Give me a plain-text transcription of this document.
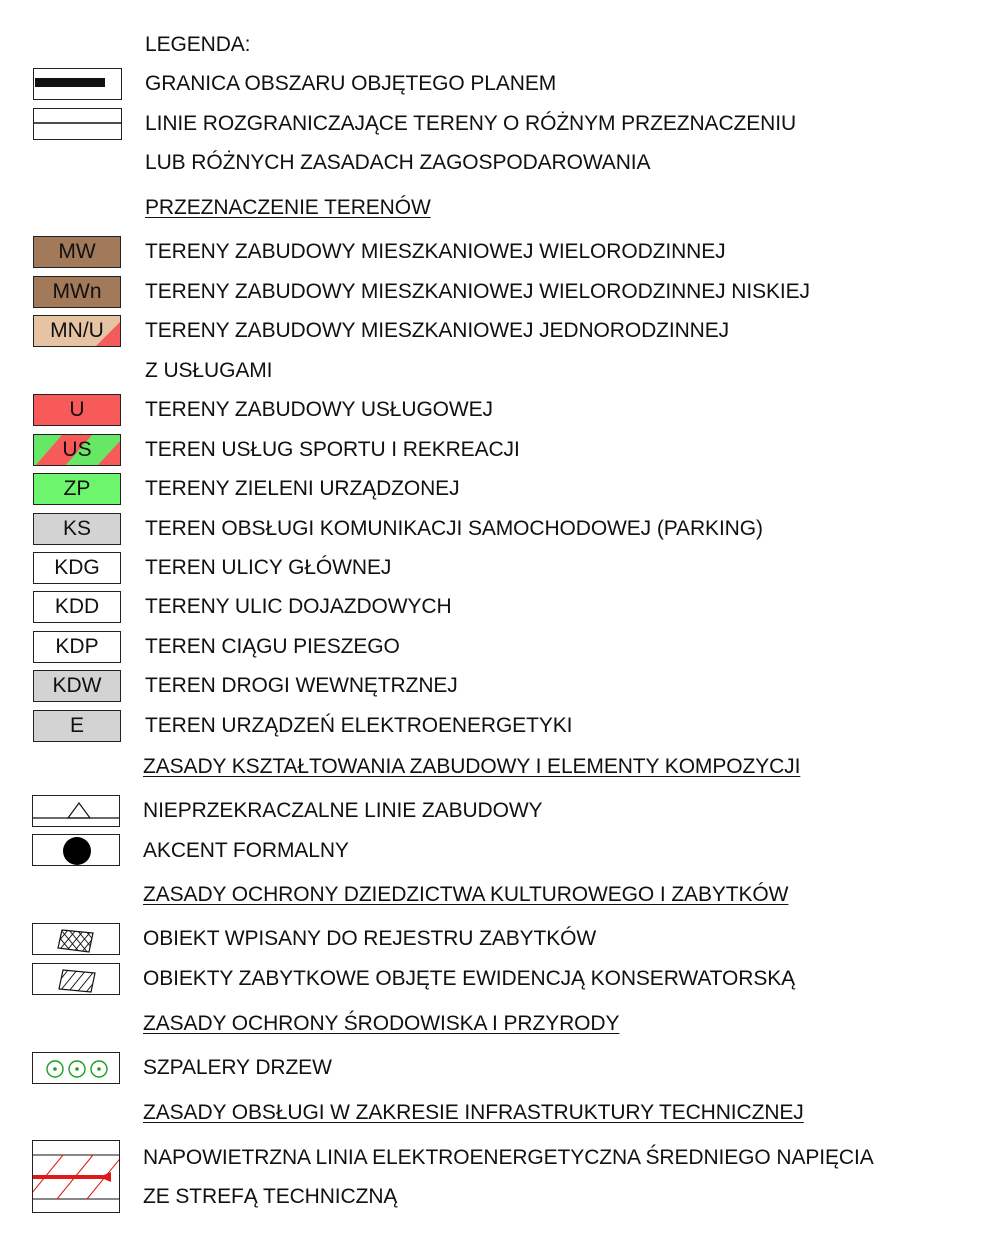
LEGENDA:
GRANICA OBSZARU OBJĘTEGO PLANEM
LINIE ROZGRANICZAJĄCE TERENY O RÓŻNYM PRZEZNACZENIU
LUB RÓŻNYCH ZASADACH ZAGOSPODAROWANIA
PRZEZNACZENIE TERENÓW
MW	TERENY ZABUDOWY MIESZKANIOWEJ WIELORODZINNEJ
MWn	TERENY ZABUDOWY MIESZKANIOWEJ WIELORODZINNEJ NISKIEJ
MN/U	TERENY ZABUDOWY MIESZKANIOWEJ JEDNORODZINNEJ
Z USŁUGAMI
U	TERENY ZABUDOWY USŁUGOWEJ
US	TEREN USŁUG SPORTU I REKREACJI
ZP	TERENY ZIELENI URZĄDZONEJ
KS	TEREN OBSŁUGI KOMUNIKACJI SAMOCHODOWEJ (PARKING)
KDG	TEREN ULICY GŁÓWNEJ
KDD	TERENY ULIC DOJAZDOWYCH
KDP	TEREN CIĄGU PIESZEGO
KDW	TEREN DROGI WEWNĘTRZNEJ
E	TEREN URZĄDZEŃ ELEKTROENERGETYKI
ZASADY KSZTAŁTOWANIA ZABUDOWY I ELEMENTY KOMPOZYCJI
NIEPRZEKRACZALNE LINIE ZABUDOWY
AKCENT FORMALNY
ZASADY OCHRONY DZIEDZICTWA KULTUROWEGO I ZABYTKÓW
OBIEKT WPISANY DO REJESTRU ZABYTKÓW
OBIEKTY ZABYTKOWE OBJĘTE EWIDENCJĄ KONSERWATORSKĄ
ZASADY OCHRONY ŚRODOWISKA I PRZYRODY
SZPALERY DRZEW
ZASADY OBSŁUGI W ZAKRESIE INFRASTRUKTURY TECHNICZNEJ
NAPOWIETRZNA LINIA ELEKTROENERGETYCZNA ŚREDNIEGO NAPIĘCIA
ZE STREFĄ TECHNICZNĄ
